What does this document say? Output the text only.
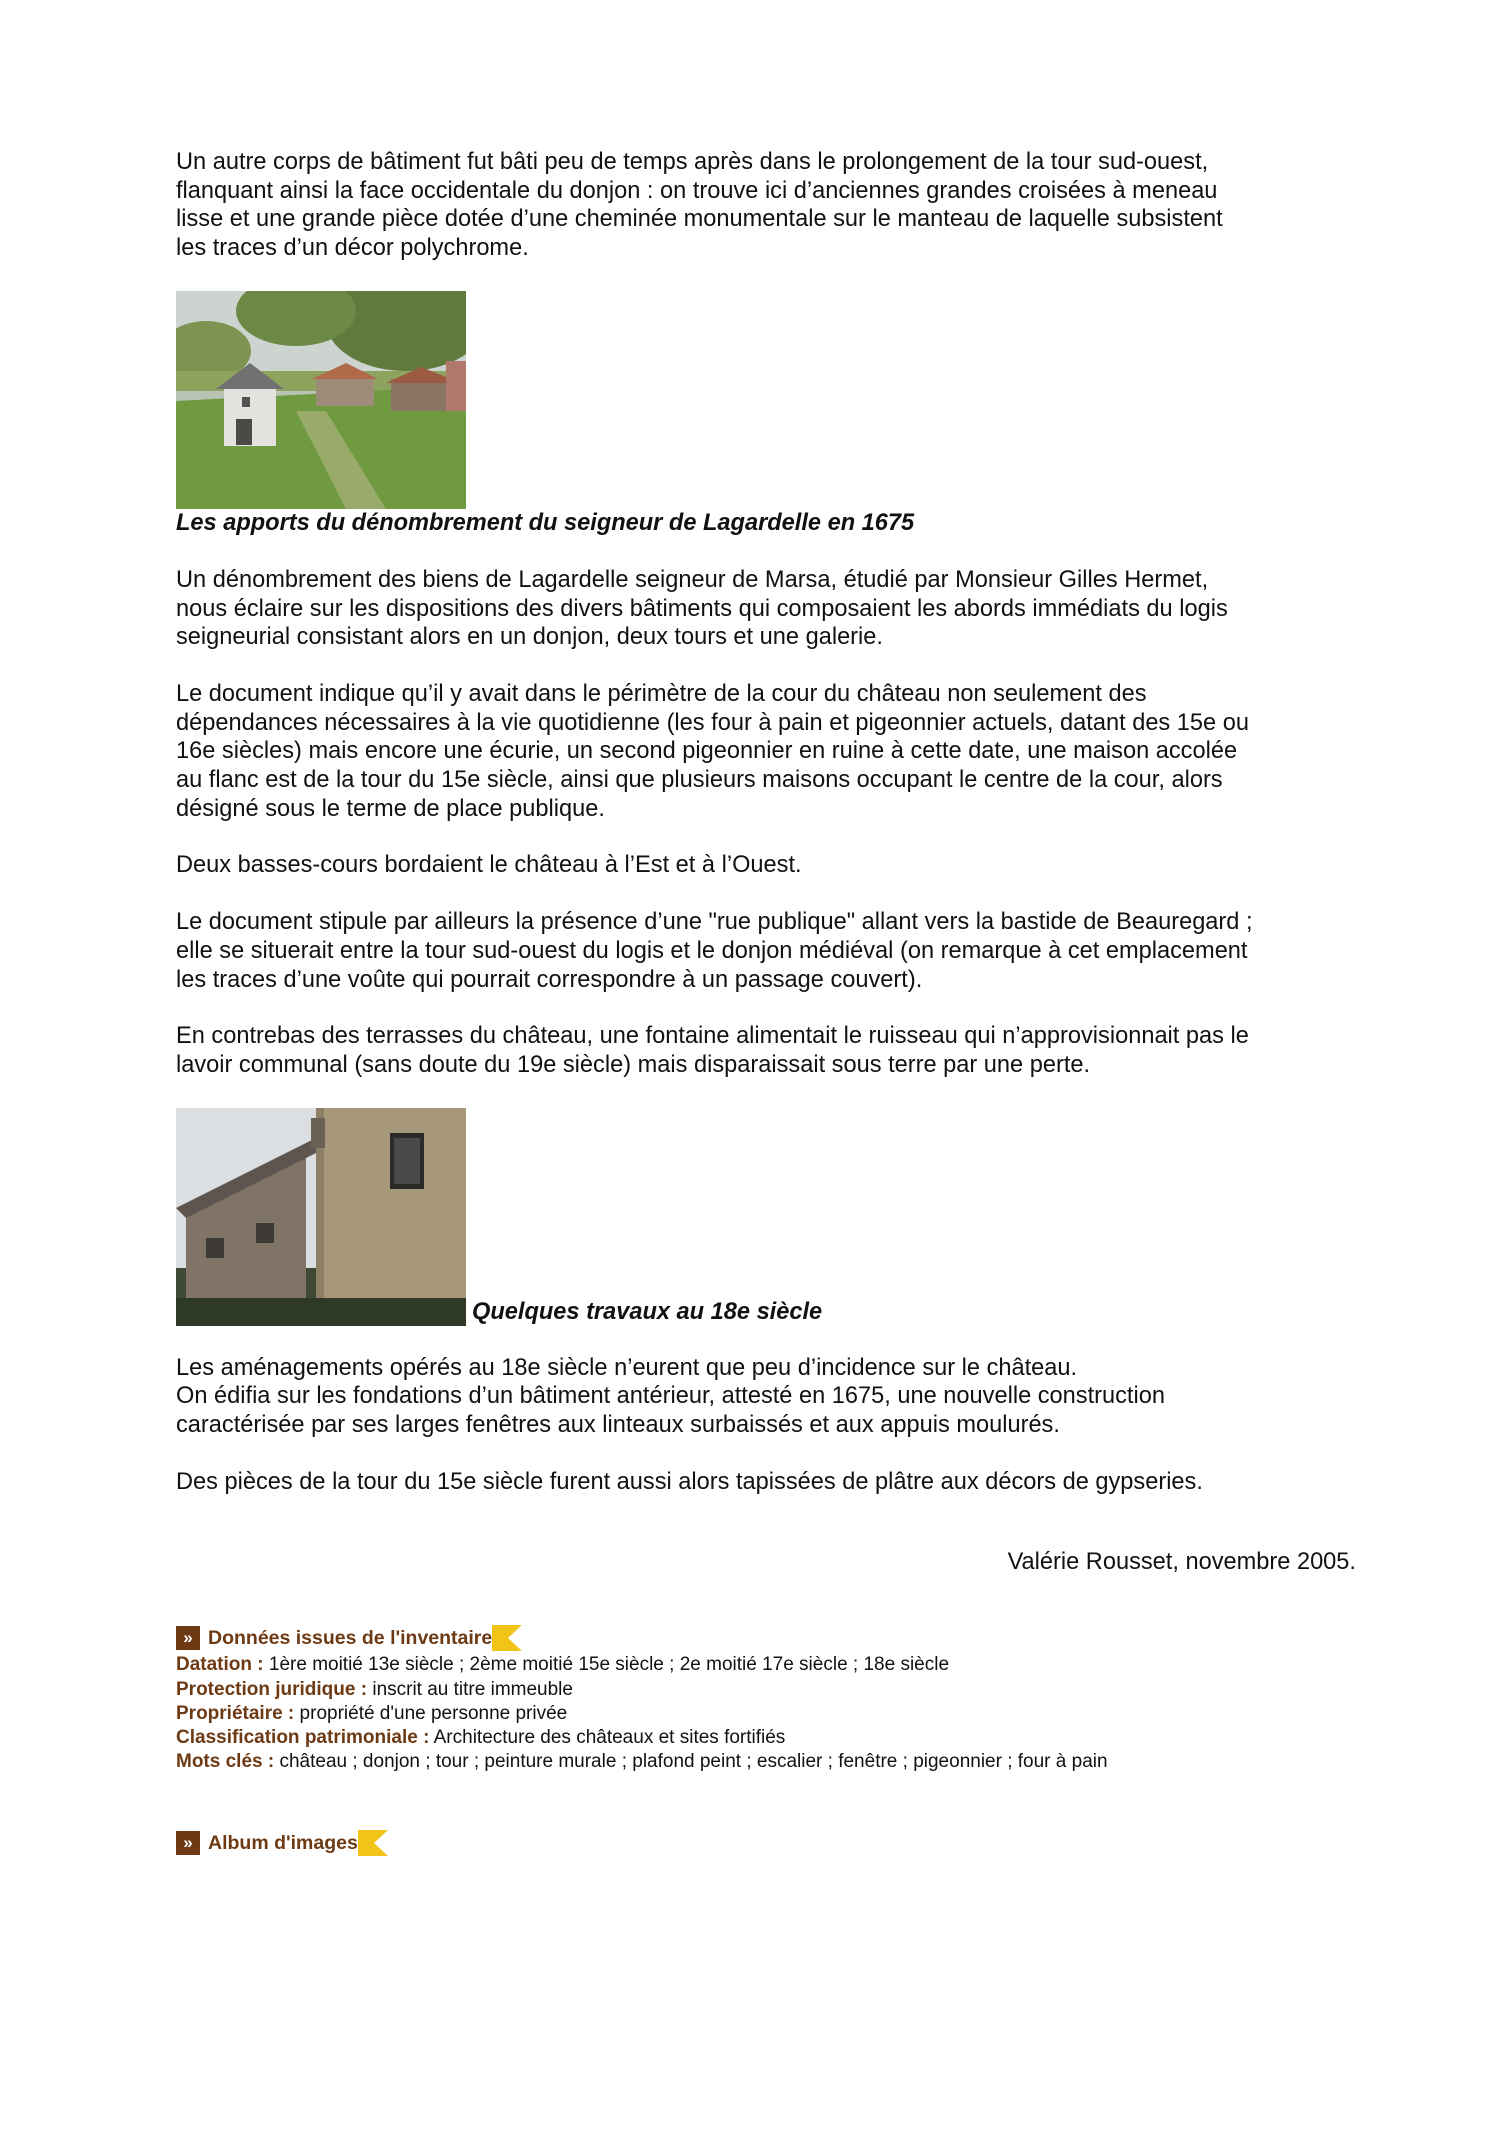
Un autre corps de bâtiment fut bâti peu de temps après dans le prolongement de la tour sud-ouest,
flanquant ainsi la face occidentale du donjon : on trouve ici d’anciennes grandes croisées à meneau
lisse et une grande pièce dotée d’une cheminée monumentale sur le manteau de laquelle subsistent
les traces d’un décor polychrome.

Les apports du dénombrement du seigneur de Lagardelle en 1675

Un dénombrement des biens de Lagardelle seigneur de Marsa, étudié par Monsieur Gilles Hermet,
nous éclaire sur les dispositions des divers bâtiments qui composaient les abords immédiats du logis
seigneurial consistant alors en un donjon, deux tours et une galerie.

Le document indique qu’il y avait dans le périmètre de la cour du château non seulement des
dépendances nécessaires à la vie quotidienne (les four à pain et pigeonnier actuels, datant des 15e ou
16e siècles) mais encore une écurie, un second pigeonnier en ruine à cette date, une maison accolée
au flanc est de la tour du 15e siècle, ainsi que plusieurs maisons occupant le centre de la cour, alors
désigné sous le terme de place publique.

Deux basses-cours bordaient le château à l’Est et à l’Ouest.

Le document stipule par ailleurs la présence d’une "rue publique" allant vers la bastide de Beauregard ;
elle se situerait entre la tour sud-ouest du logis et le donjon médiéval (on remarque à cet emplacement
les traces d’une voûte qui pourrait correspondre à un passage couvert).

En contrebas des terrasses du château, une fontaine alimentait le ruisseau qui n’approvisionnait pas le
lavoir communal (sans doute du 19e siècle) mais disparaissait sous terre par une perte.

Quelques travaux au 18e siècle

Les aménagements opérés au 18e siècle n’eurent que peu d’incidence sur le château.
On édifia sur les fondations d’un bâtiment antérieur, attesté en 1675, une nouvelle construction
caractérisée par ses larges fenêtres aux linteaux surbaissés et aux appuis moulurés.

Des pièces de la tour du 15e siècle furent aussi alors tapissées de plâtre aux décors de gypseries.

Valérie Rousset, novembre 2005.
» Données issues de l'inventaire
Datation : 1ère moitié 13e siècle ; 2ème moitié 15e siècle ; 2e moitié 17e siècle ; 18e siècle
Protection juridique : inscrit au titre immeuble
Propriétaire : propriété d'une personne privée
Classification patrimoniale : Architecture des châteaux et sites fortifiés
Mots clés : château ; donjon ; tour ; peinture murale ; plafond peint ; escalier ; fenêtre ; pigeonnier ; four à pain
» Album d'images
